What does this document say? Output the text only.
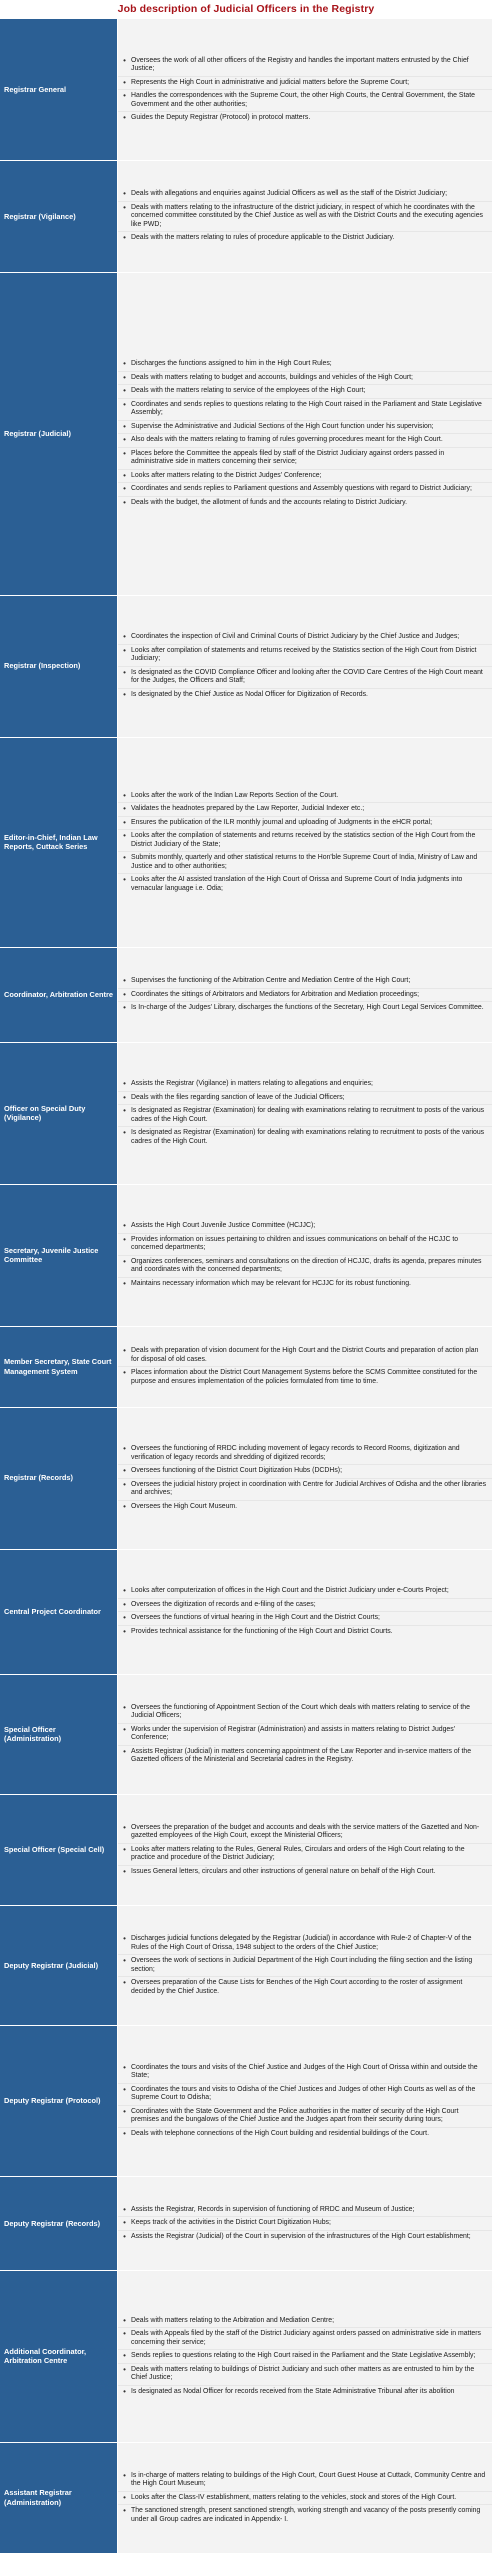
Job description of Judicial Officers in the Registry
Registrar General
• Oversees the work of all other officers of the Registry and handles the important matters entrusted by the Chief Justice;
• Represents the High Court in administrative and judicial matters before the Supreme Court;
• Handles the correspondences with the Supreme Court, the other High Courts, the Central Government, the State Government and the other authorities;
• Guides the Deputy Registrar (Protocol) in protocol matters.
Registrar (Vigilance)
• Deals with allegations and enquiries against Judicial Officers as well as the staff of the District Judiciary;
• Deals with matters relating to the infrastructure of the district judiciary, in respect of which he coordinates with the concerned committee constituted by the Chief Justice as well as with the District Courts and the executing agencies like PWD;
• Deals with the matters relating to rules of procedure applicable to the District Judiciary.
Registrar (Judicial)
• Discharges the functions assigned to him in the High Court Rules;
• Deals with matters relating to budget and accounts, buildings and vehicles of the High Court;
• Deals with the matters relating to service of the employees of the High Court;
• Coordinates and sends replies to questions relating to the High Court raised in the Parliament and State Legislative Assembly;
• Supervise the Administrative and Judicial Sections of the High Court function under his supervision;
• Also deals with the matters relating to framing of rules governing procedures meant for the High Court.
• Places before the Committee the appeals filed by staff of the District Judiciary against orders passed in administrative side in matters concerning their service;
• Looks after matters relating to the District Judges' Conference;
• Coordinates and sends replies to Parliament questions and Assembly questions with regard to District Judiciary;
• Deals with the budget, the allotment of funds and the accounts relating to District Judiciary.
Registrar (Inspection)
• Coordinates the inspection of Civil and Criminal Courts of District Judiciary by the Chief Justice and Judges;
• Looks after compilation of statements and returns received by the Statistics section of the High Court from District Judiciary;
• Is designated as the COVID Compliance Officer and looking after the COVID Care Centres of the High Court meant for the Judges, the Officers and Staff;
• Is designated by the Chief Justice as Nodal Officer for Digitization of Records.
Editor-in-Chief, Indian Law Reports, Cuttack Series
• Looks after the work of the Indian Law Reports Section of the Court.
• Validates the headnotes prepared by the Law Reporter, Judicial Indexer etc.;
• Ensures the publication of the ILR monthly journal and uploading of Judgments in the eHCR portal;
• Looks after the compilation of statements and returns received by the statistics section of the High Court from the District Judiciary of the State;
• Submits monthly, quarterly and other statistical returns to the Hon'ble Supreme Court of India, Ministry of Law and Justice and to other authorities;
• Looks after the AI assisted translation of the High Court of Orissa and Supreme Court of India judgments into vernacular language i.e. Odia;
Coordinator, Arbitration Centre
• Supervises the functioning of the Arbitration Centre and Mediation Centre of the High Court;
• Coordinates the sittings of Arbitrators and Mediators for Arbitration and Mediation proceedings;
• Is In-charge of the Judges' Library, discharges the functions of the Secretary, High Court Legal Services Committee.
Officer on Special Duty (Vigilance)
• Assists the Registrar (Vigilance) in matters relating to allegations and enquiries;
• Deals with the files regarding sanction of leave of the Judicial Officers;
• Is designated as Registrar (Examination) for dealing with examinations relating to recruitment to posts of the various cadres of the High Court.
• Is designated as Registrar (Examination) for dealing with examinations relating to recruitment to posts of the various cadres of the High Court.
Secretary, Juvenile Justice Committee
• Assists the High Court Juvenile Justice Committee (HCJJC);
• Provides information on issues pertaining to children and issues communications on behalf of the HCJJC to concerned departments;
• Organizes conferences, seminars and consultations on the direction of HCJJC, drafts its agenda, prepares minutes and coordinates with the concerned departments;
• Maintains necessary information which may be relevant for HCJJC for its robust functioning.
Member Secretary, State Court Management System
• Deals with preparation of vision document for the High Court and the District Courts and preparation of action plan for disposal of old cases.
• Places information about the District Court Management Systems before the SCMS Committee constituted for the purpose and ensures implementation of the policies formulated from time to time.
Registrar (Records)
• Oversees the functioning of RRDC including movement of legacy records to Record Rooms, digitization and verification of legacy records and shredding of digitized records;
• Oversees functioning of the District Court Digitization Hubs (DCDHs);
• Oversees the judicial history project in coordination with Centre for Judicial Archives of Odisha and the other libraries and archives;
• Oversees the High Court Museum.
Central Project Coordinator
• Looks after computerization of offices in the High Court and the District Judiciary under e-Courts Project;
• Oversees the digitization of records and e-filing of the cases;
• Oversees the functions of virtual hearing in the High Court and the District Courts;
• Provides technical assistance for the functioning of the High Court and District Courts.
Special Officer (Administration)
• Oversees the functioning of Appointment Section of the Court which deals with matters relating to service of the Judicial Officers;
• Works under the supervision of Registrar (Administration) and assists in matters relating to District Judges' Conference;
• Assists Registrar (Judicial) in matters concerning appointment of the Law Reporter and in-service matters of the Gazetted officers of the Ministerial and Secretarial cadres in the Registry.
Special Officer (Special Cell)
• Oversees the preparation of the budget and accounts and deals with the service matters of the Gazetted and Non-gazetted employees of the High Court, except the Ministerial Officers;
• Looks after matters relating to the Rules, General Rules, Circulars and orders of the High Court relating to the practice and procedure of the District Judiciary;
• Issues General letters, circulars and other instructions of general nature on behalf of the High Court.
Deputy Registrar (Judicial)
• Discharges judicial functions delegated by the Registrar (Judicial) in accordance with Rule-2 of Chapter-V of the Rules of the High Court of Orissa, 1948 subject to the orders of the Chief Justice;
• Oversees the work of sections in Judicial Department of the High Court including the filing section and the listing section;
• Oversees preparation of the Cause Lists for Benches of the High Court according to the roster of assignment decided by the Chief Justice.
Deputy Registrar (Protocol)
• Coordinates the tours and visits of the Chief Justice and Judges of the High Court of Orissa within and outside the State;
• Coordinates the tours and visits to Odisha of the Chief Justices and Judges of other High Courts as well as of the Supreme Court to Odisha;
• Coordinates with the State Government and the Police authorities in the matter of security of the High Court premises and the bungalows of the Chief Justice and the Judges apart from their security during tours;
• Deals with telephone connections of the High Court building and residential buildings of the Court.
Deputy Registrar (Records)
• Assists the Registrar, Records in supervision of functioning of RRDC and Museum of Justice;
• Keeps track of the activities in the District Court Digitization Hubs;
• Assists the Registrar (Judicial) of the Court in supervision of the infrastructures of the High Court establishment;
Additional Coordinator, Arbitration Centre
• Deals with matters relating to the Arbitration and Mediation Centre;
• Deals with Appeals filed by the staff of the District Judiciary against orders passed on administrative side in matters concerning their service;
• Sends replies to questions relating to the High Court raised in the Parliament and the State Legislative Assembly;
• Deals with matters relating to buildings of District Judiciary and such other matters as are entrusted to him by the Chief Justice;
• Is designated as Nodal Officer for records received from the State Administrative Tribunal after its abolition
Assistant Registrar (Administration)
• Is in-charge of matters relating to buildings of the High Court, Court Guest House at Cuttack, Community Centre and the High Court Museum;
• Looks after the Class-IV establishment, matters relating to the vehicles, stock and stores of the High Court.
• The sanctioned strength, present sanctioned strength, working strength and vacancy of the posts presently coming under all Group cadres are indicated in Appendix- I.
